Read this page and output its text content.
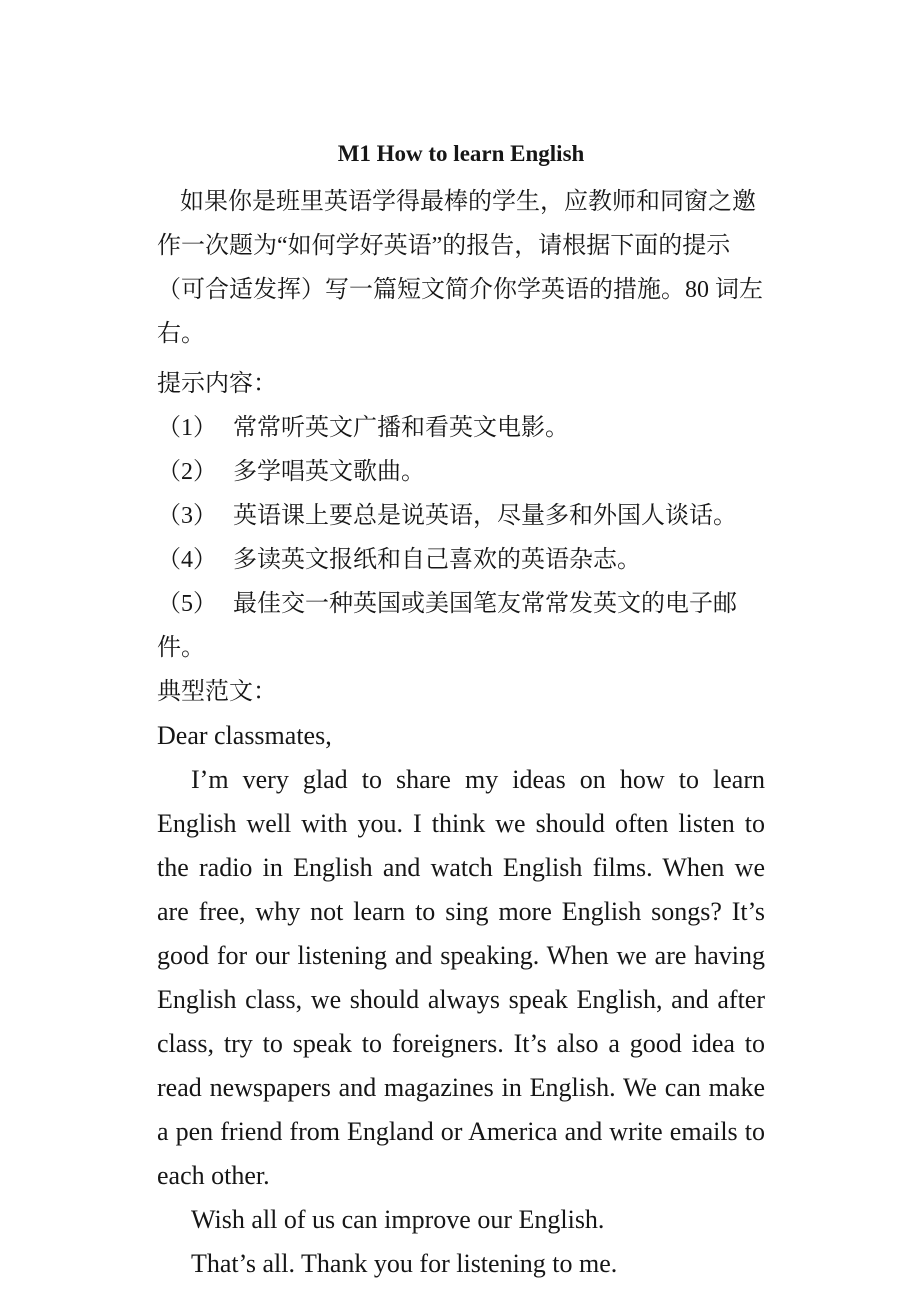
M1 How to learn English

如果你是班里英语学得最棒的学生，应教师和同窗之邀作一次题为“如何学好英语”的报告，请根据下面的提示（可合适发挥）写一篇短文简介你学英语的措施。80 词左右。

提示内容：

（1） 常常听英文广播和看英文电影。

（2） 多学唱英文歌曲。

（3） 英语课上要总是说英语，尽量多和外国人谈话。

（4） 多读英文报纸和自己喜欢的英语杂志。

（5） 最佳交一种英国或美国笔友常常发英文的电子邮件。

典型范文：

Dear classmates,

I’m very glad to share my ideas on how to learn English well with you. I think we should often listen to the radio in English and watch English films. When we are free, why not learn to sing more English songs? It’s good for our listening and speaking. When we are having English class, we should always speak English, and after class, try to speak to foreigners. It’s also a good idea to read newspapers and magazines in English. We can make a pen friend from England or America and write emails to each other.

Wish all of us can improve our English.

That’s all. Thank you for listening to me.
